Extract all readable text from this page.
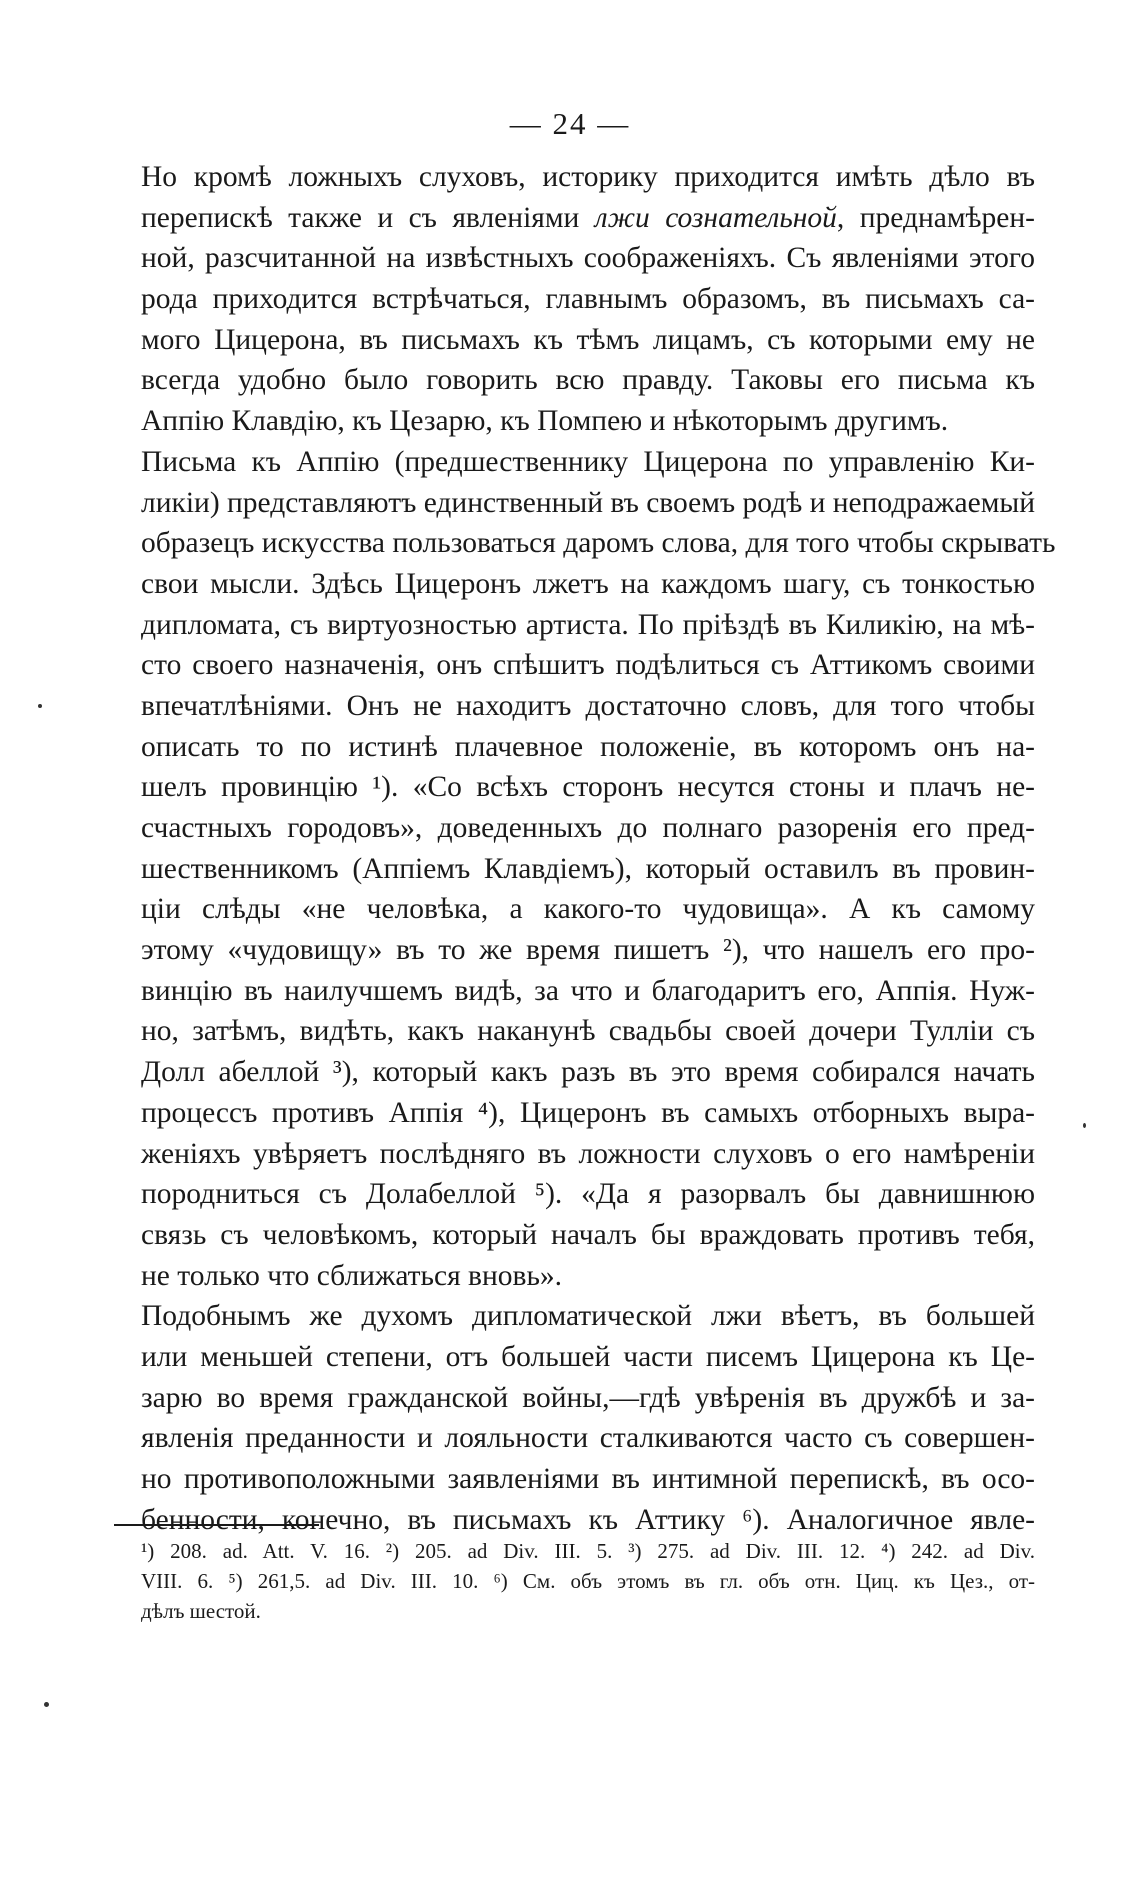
— 24 —
Но кромѣ ложныхъ слуховъ, историку приходится имѣть дѣло въ
перепискѣ также и съ явленіями лжи сознательной, преднамѣрен-
ной, разсчитанной на извѣстныхъ соображеніяхъ. Съ явленіями этого
рода приходится встрѣчаться, главнымъ образомъ, въ письмахъ са-
мого Цицерона, въ письмахъ къ тѣмъ лицамъ, съ которыми ему не
всегда удобно было говорить всю правду. Таковы его письма къ
Аппію Клавдію, къ Цезарю, къ Помпею и нѣкоторымъ другимъ.
Письма къ Аппію (предшественнику Цицерона по управленію Ки-
ликіи) представляютъ единственный въ своемъ родѣ и неподражаемый
образецъ искусства пользоваться даромъ слова, для того чтобы скрывать
свои мысли. Здѣсь Цицеронъ лжетъ на каждомъ шагу, съ тонкостью
дипломата, съ виртуозностью артиста. По пріѣздѣ въ Киликію, на мѣ-
сто своего назначенія, онъ спѣшитъ подѣлиться съ Аттикомъ своими
впечатлѣніями. Онъ не находитъ достаточно словъ, для того чтобы
описать то по истинѣ плачевное положеніе, въ которомъ онъ на-
шелъ провинцію ¹). «Со всѣхъ сторонъ несутся стоны и плачъ не-
счастныхъ городовъ», доведенныхъ до полнаго разоренія его пред-
шественникомъ (Аппіемъ Клавдіемъ), который оставилъ въ провин-
ціи слѣды «не человѣка, а какого-то чудовища». А къ самому
этому «чудовищу» въ то же время пишетъ ²), что нашелъ его про-
винцію въ наилучшемъ видѣ, за что и благодаритъ его, Аппія. Нуж-
но, затѣмъ, видѣть, какъ наканунѣ свадьбы своей дочери Тулліи съ
Долл абеллой ³), который какъ разъ въ это время собирался начать
процессъ противъ Аппія ⁴), Цицеронъ въ самыхъ отборныхъ выра-
женіяхъ увѣряетъ послѣдняго въ ложности слуховъ о его намѣреніи
породниться съ Долабеллой ⁵). «Да я разорвалъ бы давнишнюю
связь съ человѣкомъ, который началъ бы враждовать противъ тебя,
не только что сближаться вновь».
Подобнымъ же духомъ дипломатической лжи вѣетъ, въ большей
или меньшей степени, отъ большей части писемъ Цицерона къ Це-
зарю во время гражданской войны,—гдѣ увѣренія въ дружбѣ и за-
явленія преданности и лояльности сталкиваются часто съ совершен-
но противоположными заявленіями въ интимной перепискѣ, въ осо-
бенности, конечно, въ письмахъ къ Аттику ⁶). Аналогичное явле-
¹) 208. ad. Att. V. 16. ²) 205. ad Div. III. 5. ³) 275. ad Div. III. 12. ⁴) 242. ad Div.
VIII. 6. ⁵) 261,5. ad Div. III. 10. ⁶) См. объ этомъ въ гл. объ отн. Циц. къ Цез., от-
дѣлъ шестой.
